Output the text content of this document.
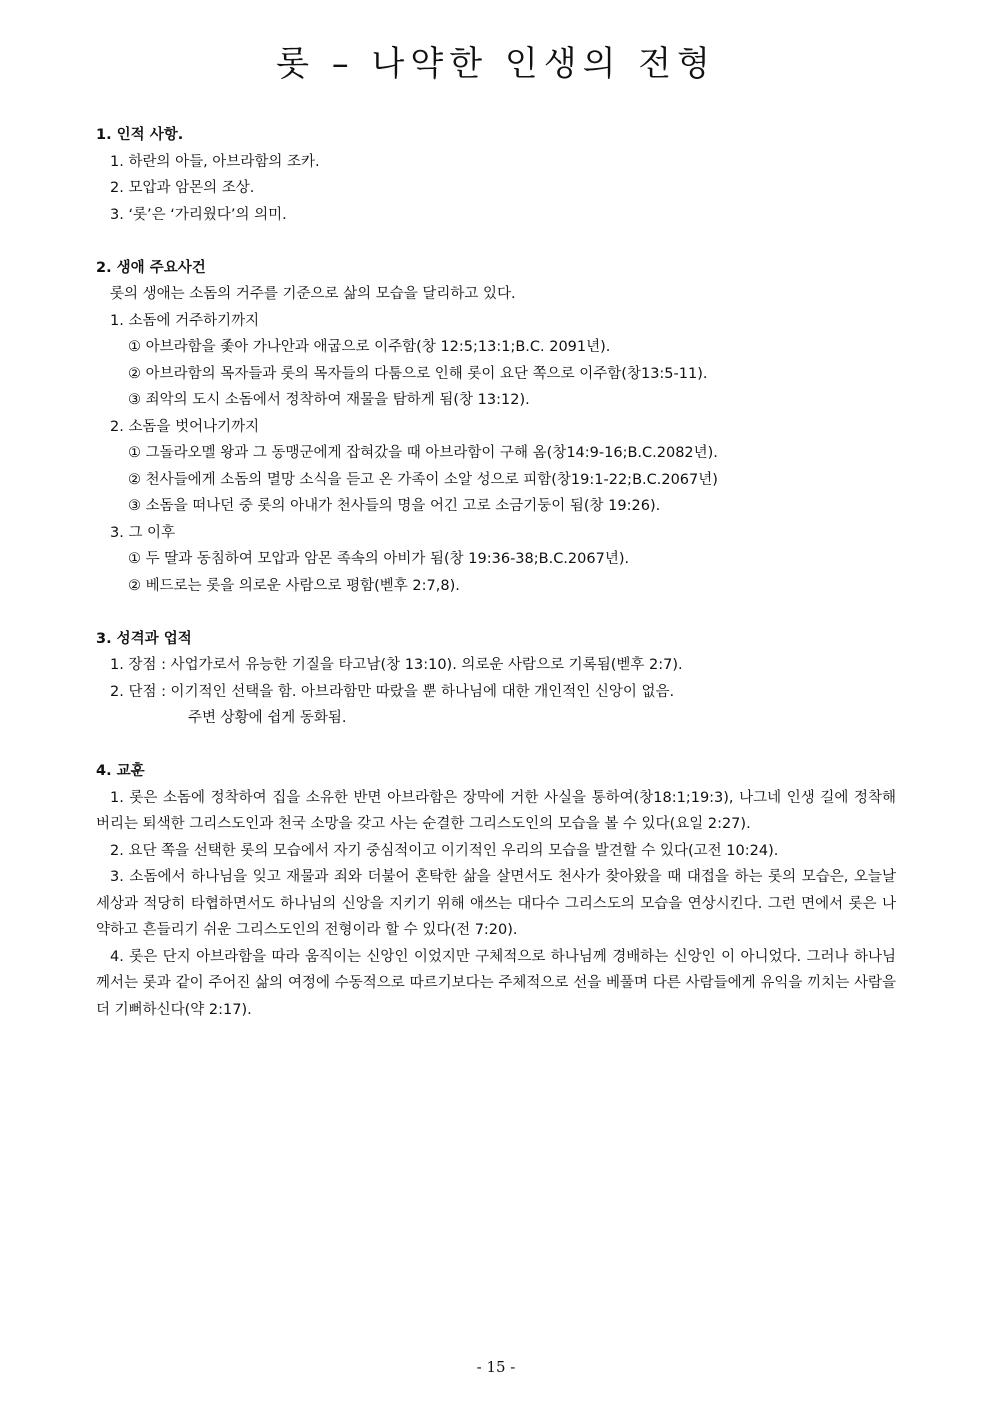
롯 – 나약한 인생의 전형

1. 인적 사항.

1. 하란의 아들, 아브라함의 조카.

2. 모압과 암몬의 조상.

3. ‘롯’은 ‘가리웠다’의 의미.

2. 생애 주요사건

롯의 생애는 소돔의 거주를 기준으로 삶의 모습을 달리하고 있다.

1. 소돔에 거주하기까지

① 아브라함을 좇아 가나안과 애굽으로 이주함(창 12:5;13:1;B.C. 2091년).

② 아브라함의 목자들과 롯의 목자들의 다툼으로 인해 롯이 요단 쪽으로 이주함(창13:5-11).

③ 죄악의 도시 소돔에서 정착하여 재물을 탐하게 됨(창 13:12).

2. 소돔을 벗어나기까지

① 그돌라오멜 왕과 그 동맹군에게 잡혀갔을 때 아브라함이 구해 옴(창14:9-16;B.C.2082년).

② 천사들에게 소돔의 멸망 소식을 듣고 온 가족이 소알 성으로 피함(창19:1-22;B.C.2067년)

③ 소돔을 떠나던 중 롯의 아내가 천사들의 명을 어긴 고로 소금기둥이 됨(창 19:26).

3. 그 이후

① 두 딸과 동침하여 모압과 암몬 족속의 아비가 됨(창 19:36-38;B.C.2067년).

② 베드로는 롯을 의로운 사람으로 평함(벧후 2:7,8).

3. 성격과 업적

1. 장점 : 사업가로서 유능한 기질을 타고남(창 13:10). 의로운 사람으로 기록됨(벧후 2:7).

2. 단점 : 이기적인 선택을 함. 아브라함만 따랐을 뿐 하나님에 대한 개인적인 신앙이 없음.

주변 상황에 쉽게 동화됨.

4. 교훈

1. 롯은 소돔에 정착하여 집을 소유한 반면 아브라함은 장막에 거한 사실을 통하여(창18:1;19:3), 나그네 인생 길에 정착해 버리는 퇴색한 그리스도인과 천국 소망을 갖고 사는 순결한 그리스도인의 모습을 볼 수 있다(요일 2:27).

2. 요단 쪽을 선택한 롯의 모습에서 자기 중심적이고 이기적인 우리의 모습을 발견할 수 있다(고전 10:24).

3. 소돔에서 하나님을 잊고 재물과 죄와 더불어 혼탁한 삶을 살면서도 천사가 찾아왔을 때 대접을 하는 롯의 모습은, 오늘날 세상과 적당히 타협하면서도 하나님의 신앙을 지키기 위해 애쓰는 대다수 그리스도의 모습을 연상시킨다. 그런 면에서 롯은 나약하고 흔들리기 쉬운 그리스도인의 전형이라 할 수 있다(전 7:20).

4. 롯은 단지 아브라함을 따라 움직이는 신앙인 이었지만 구체적으로 하나님께 경배하는 신앙인 이 아니었다. 그러나 하나님께서는 롯과 같이 주어진 삶의 여정에 수동적으로 따르기보다는 주체적으로 선을 베풀며 다른 사람들에게 유익을 끼치는 사람을 더 기뻐하신다(약 2:17).

- 15 -
